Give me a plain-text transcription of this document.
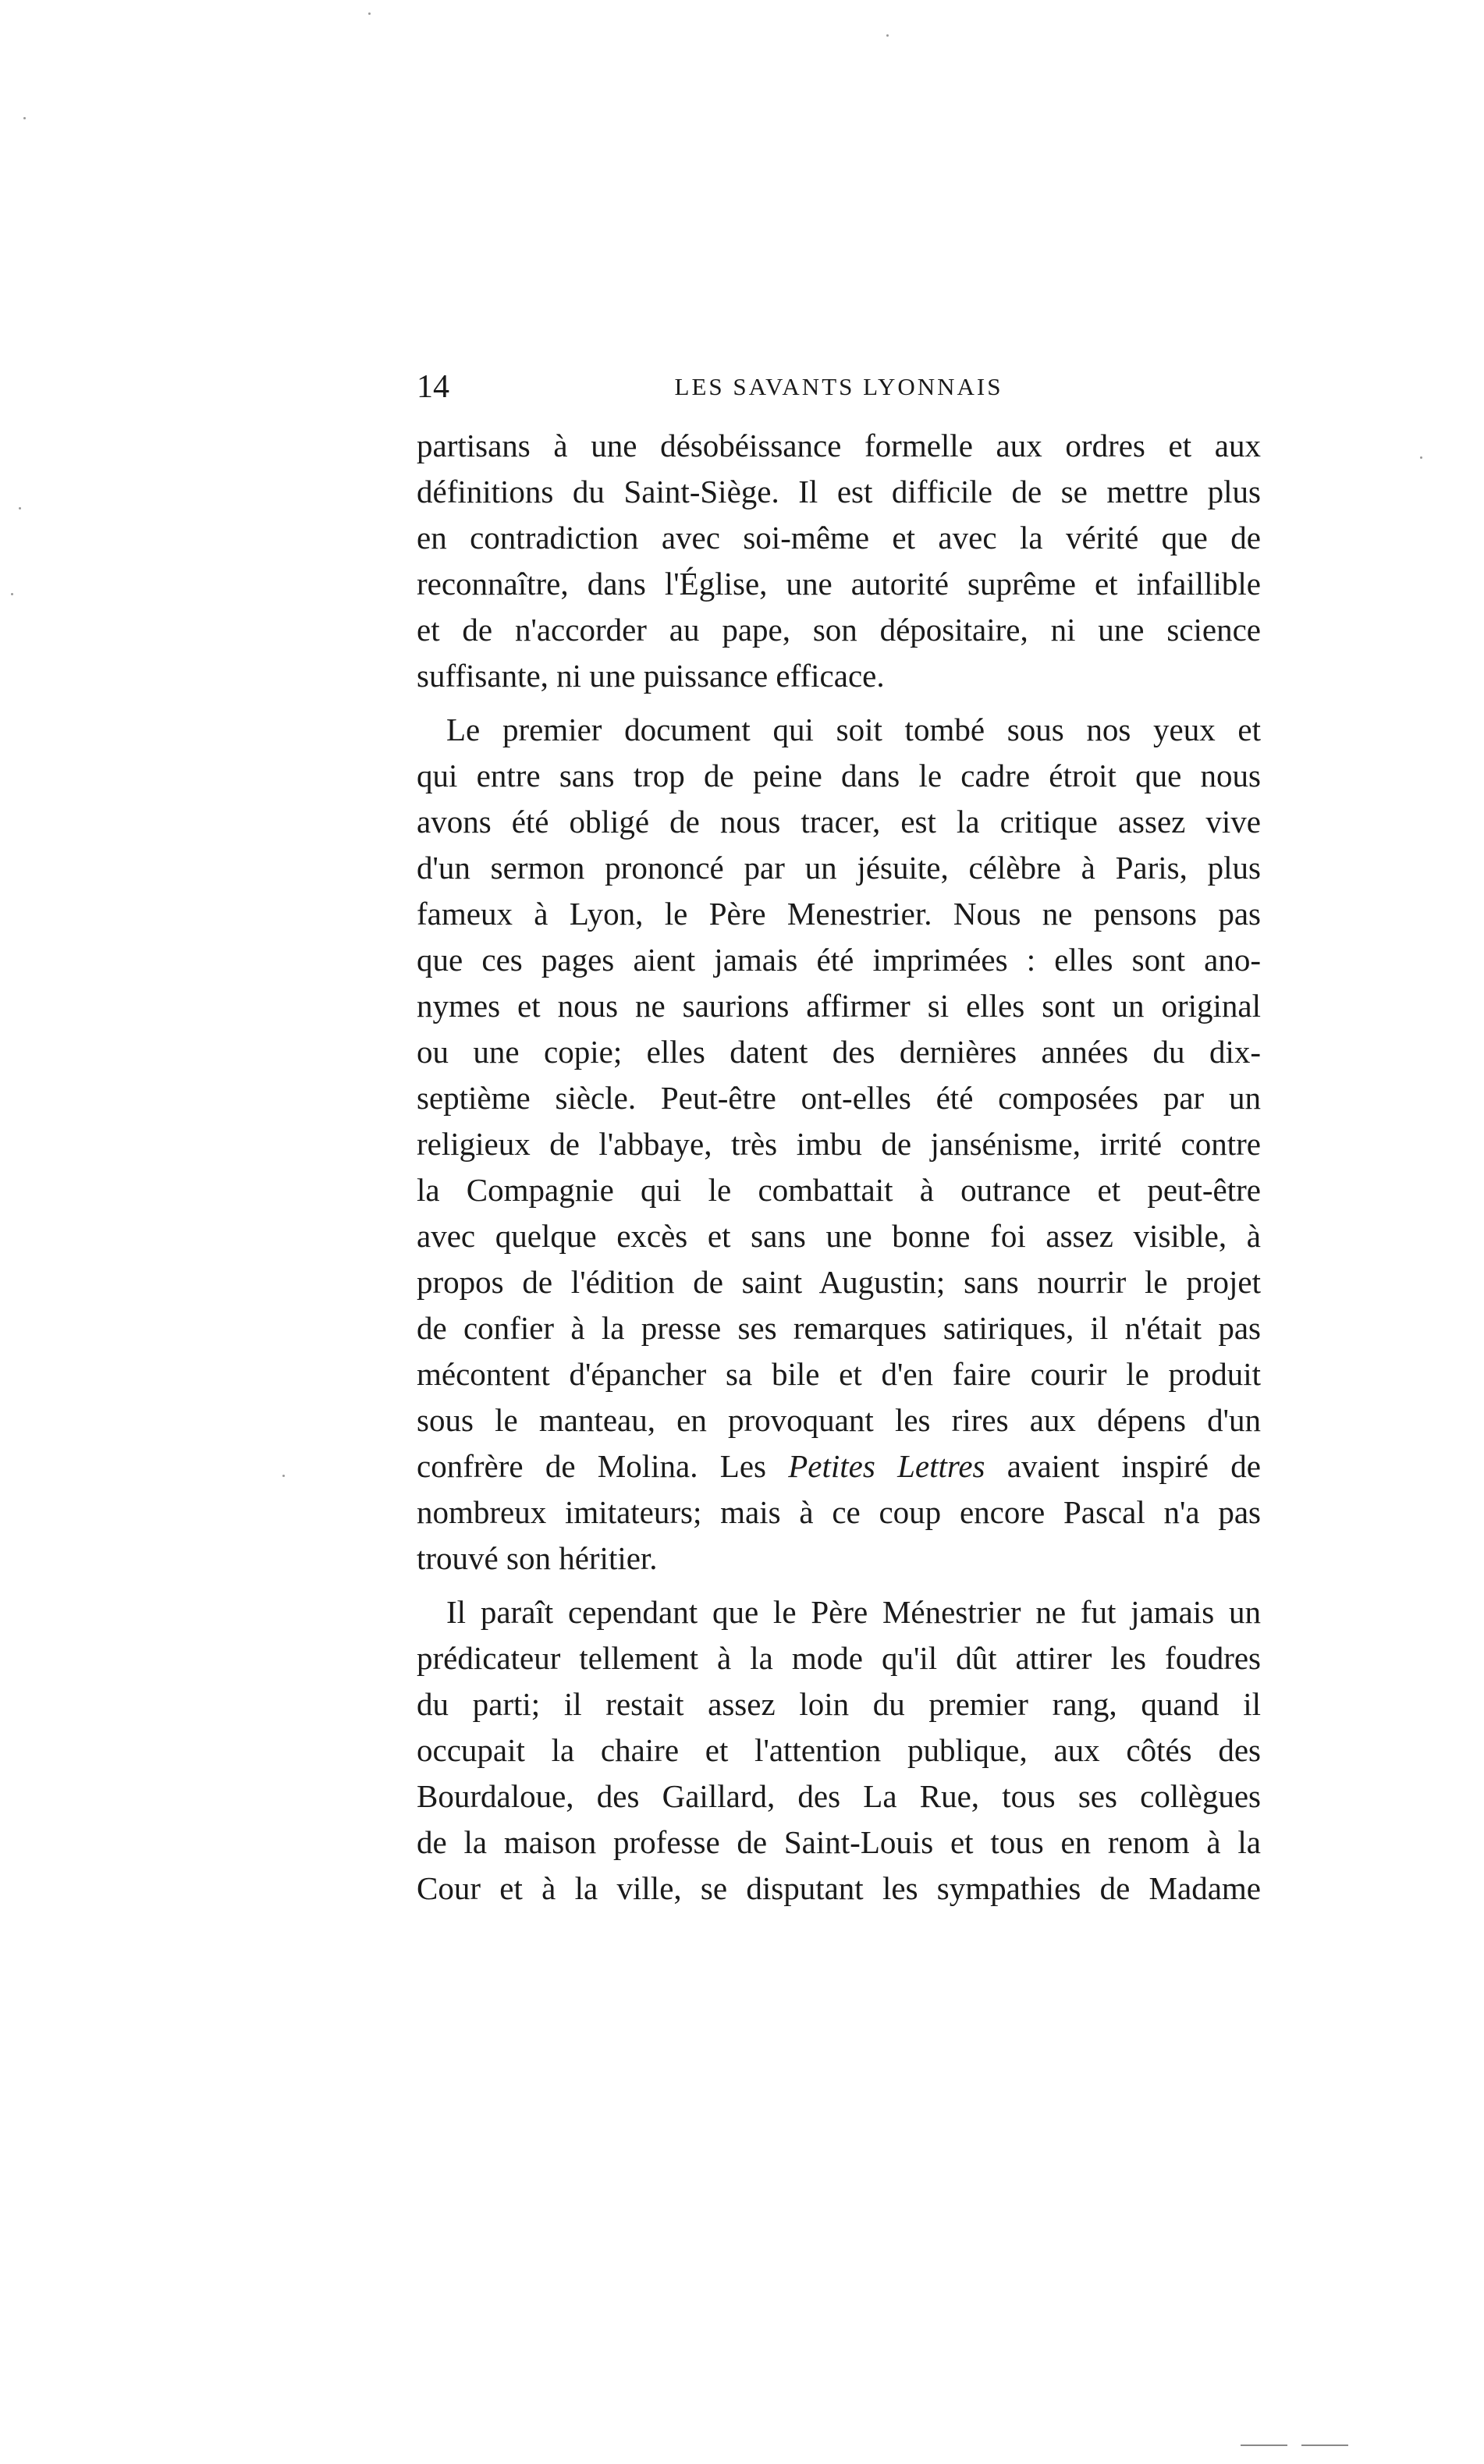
14	LES SAVANTS LYONNAIS
partisans à une désobéissance formelle aux ordres et aux
définitions du Saint-Siège. Il est difficile de se mettre plus
en contradiction avec soi-même et avec la vérité que de
reconnaître, dans l'Église, une autorité suprême et infaillible
et de n'accorder au pape, son dépositaire, ni une science
suffisante, ni une puissance efficace.
Le premier document qui soit tombé sous nos yeux et
qui entre sans trop de peine dans le cadre étroit que nous
avons été obligé de nous tracer, est la critique assez vive
d'un sermon prononcé par un jésuite, célèbre à Paris, plus
fameux à Lyon, le Père Menestrier. Nous ne pensons pas
que ces pages aient jamais été imprimées : elles sont ano-
nymes et nous ne saurions affirmer si elles sont un original
ou une copie; elles datent des dernières années du dix-
septième siècle. Peut-être ont-elles été composées par un
religieux de l'abbaye, très imbu de jansénisme, irrité contre
la Compagnie qui le combattait à outrance et peut-être
avec quelque excès et sans une bonne foi assez visible, à
propos de l'édition de saint Augustin; sans nourrir le projet
de confier à la presse ses remarques satiriques, il n'était pas
mécontent d'épancher sa bile et d'en faire courir le produit
sous le manteau, en provoquant les rires aux dépens d'un
confrère de Molina. Les Petites Lettres avaient inspiré de
nombreux imitateurs; mais à ce coup encore Pascal n'a pas
trouvé son héritier.
Il paraît cependant que le Père Ménestrier ne fut jamais un
prédicateur tellement à la mode qu'il dût attirer les foudres
du parti; il restait assez loin du premier rang, quand il
occupait la chaire et l'attention publique, aux côtés des
Bourdaloue, des Gaillard, des La Rue, tous ses collègues
de la maison professe de Saint-Louis et tous en renom à la
Cour et à la ville, se disputant les sympathies de Madame
